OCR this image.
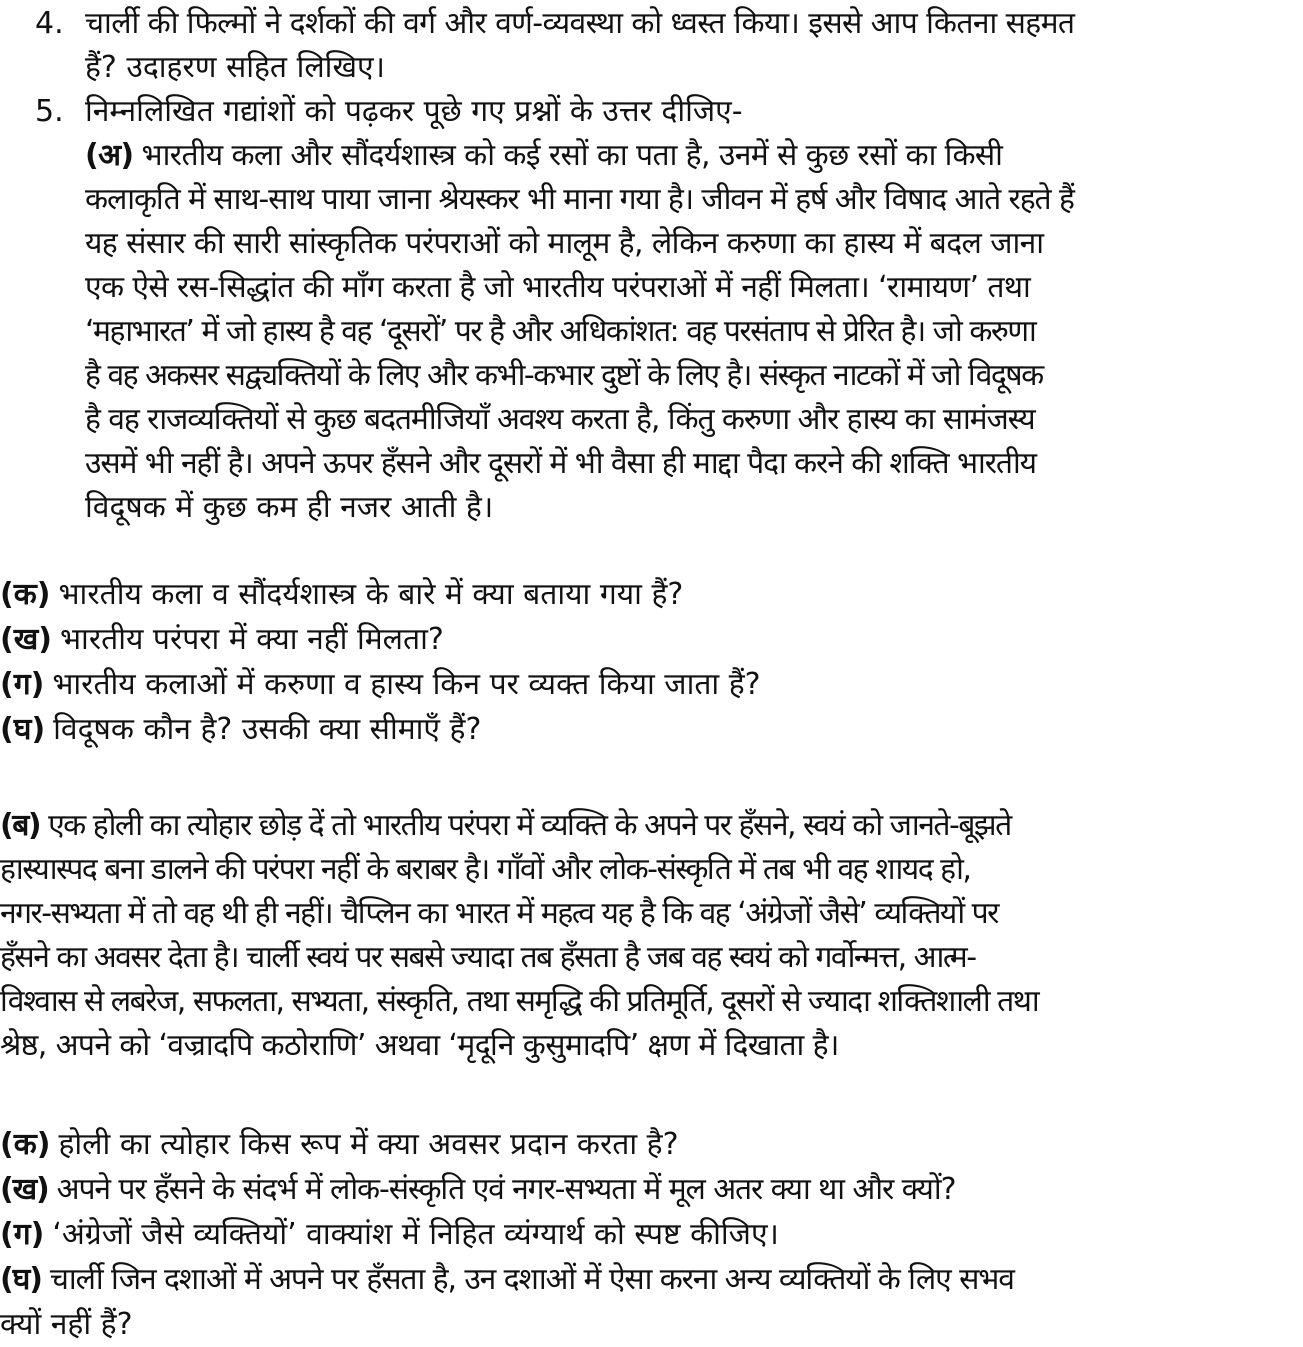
4. चार्ली की फिल्मों ने दर्शकों की वर्ग और वर्ण-व्यवस्था को ध्वस्त किया। इससे आप कितना सहमत
हैं? उदाहरण सहित लिखिए।
5. निम्नलिखित गद्यांशों को पढ़कर पूछे गए प्रश्नों के उत्तर दीजिए-
(अ) भारतीय कला और सौंदर्यशास्त्र को कई रसों का पता है, उनमें से कुछ रसों का किसी
कलाकृति में साथ-साथ पाया जाना श्रेयस्कर भी माना गया है। जीवन में हर्ष और विषाद आते रहते हैं
यह संसार की सारी सांस्कृतिक परंपराओं को मालूम है, लेकिन करुणा का हास्य में बदल जाना
एक ऐसे रस-सिद्धांत की माँग करता है जो भारतीय परंपराओं में नहीं मिलता। ‘रामायण’ तथा
‘महाभारत’ में जो हास्य है वह ‘दूसरों’ पर है और अधिकांशत: वह परसंताप से प्रेरित है। जो करुणा
है वह अकसर सद्व्यक्तियों के लिए और कभी-कभार दुष्टों के लिए है। संस्कृत नाटकों में जो विदूषक
है वह राजव्यक्तियों से कुछ बदतमीजियाँ अवश्य करता है, किंतु करुणा और हास्य का सामंजस्य
उसमें भी नहीं है। अपने ऊपर हँसने और दूसरों में भी वैसा ही माद्दा पैदा करने की शक्ति भारतीय
विदूषक में कुछ कम ही नजर आती है।
(क) भारतीय कला व सौंदर्यशास्त्र के बारे में क्या बताया गया हैं?
(ख) भारतीय परंपरा में क्या नहीं मिलता?
(ग) भारतीय कलाओं में करुणा व हास्य किन पर व्यक्त किया जाता हैं?
(घ) विदूषक कौन है? उसकी क्या सीमाएँ हैं?
(ब) एक होली का त्योहार छोड़ दें तो भारतीय परंपरा में व्यक्ति के अपने पर हँसने, स्वयं को जानते-बूझते
हास्यास्पद बना डालने की परंपरा नहीं के बराबर है। गाँवों और लोक-संस्कृति में तब भी वह शायद हो,
नगर-सभ्यता में तो वह थी ही नहीं। चैप्लिन का भारत में महत्व यह है कि वह ‘अंग्रेजों जैसे’ व्यक्तियों पर
हँसने का अवसर देता है। चार्ली स्वयं पर सबसे ज्यादा तब हँसता है जब वह स्वयं को गर्वोन्मत्त, आत्म-
विश्वास से लबरेज, सफलता, सभ्यता, संस्कृति, तथा समृद्धि की प्रतिमूर्ति, दूसरों से ज्यादा शक्तिशाली तथा
श्रेष्ठ, अपने को ‘वज्रादपि कठोराणि’ अथवा ‘मृदूनि कुसुमादपि’ क्षण में दिखाता है।
(क) होली का त्योहार किस रूप में क्या अवसर प्रदान करता है?
(ख) अपने पर हँसने के संदर्भ में लोक-संस्कृति एवं नगर-सभ्यता में मूल अतर क्या था और क्यों?
(ग) ‘अंग्रेजों जैसे व्यक्तियों’ वाक्यांश में निहित व्यंग्यार्थ को स्पष्ट कीजिए।
(घ) चार्ली जिन दशाओं में अपने पर हँसता है, उन दशाओं में ऐसा करना अन्य व्यक्तियों के लिए सभव
क्यों नहीं हैं?
